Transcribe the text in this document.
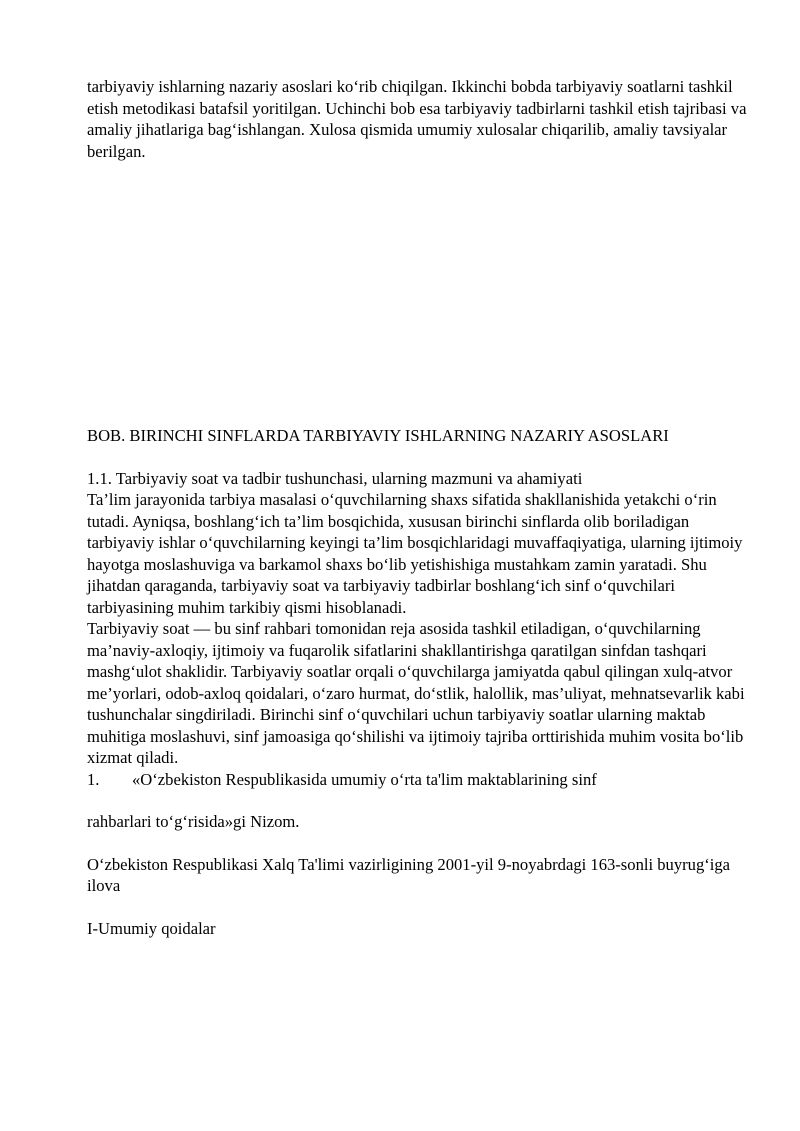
tarbiyaviy ishlarning nazariy asoslari ko‘rib chiqilgan. Ikkinchi bobda tarbiyaviy soatlarni tashkil etish metodikasi batafsil yoritilgan. Uchinchi bob esa tarbiyaviy tadbirlarni tashkil etish tajribasi va amaliy jihatlariga bag‘ishlangan. Xulosa qismida umumiy xulosalar chiqarilib, amaliy tavsiyalar berilgan.

BOB. BIRINCHI SINFLARDA TARBIYAVIY ISHLARNING NAZARIY ASOSLARI

1.1. Tarbiyaviy soat va tadbir tushunchasi, ularning mazmuni va ahamiyati

Ta’lim jarayonida tarbiya masalasi o‘quvchilarning shaxs sifatida shakllanishida yetakchi o‘rin tutadi. Ayniqsa, boshlang‘ich ta’lim bosqichida, xususan birinchi sinflarda olib boriladigan tarbiyaviy ishlar o‘quvchilarning keyingi ta’lim bosqichlaridagi muvaffaqiyatiga, ularning ijtimoiy hayotga moslashuviga va barkamol shaxs bo‘lib yetishishiga mustahkam zamin yaratadi. Shu jihatdan qaraganda, tarbiyaviy soat va tarbiyaviy tadbirlar boshlang‘ich sinf o‘quvchilari tarbiyasining muhim tarkibiy qismi hisoblanadi.

Tarbiyaviy soat — bu sinf rahbari tomonidan reja asosida tashkil etiladigan, o‘quvchilarning ma’naviy-axloqiy, ijtimoiy va fuqarolik sifatlarini shakllantirishga qaratilgan sinfdan tashqari mashg‘ulot shaklidir. Tarbiyaviy soatlar orqali o‘quvchilarga jamiyatda qabul qilingan xulq-atvor me’yorlari, odob-axloq qoidalari, o‘zaro hurmat, do‘stlik, halollik, mas’uliyat, mehnatsevarlik kabi tushunchalar singdiriladi. Birinchi sinf o‘quvchilari uchun tarbiyaviy soatlar ularning maktab muhitiga moslashuvi, sinf jamoasiga qo‘shilishi va ijtimoiy tajriba orttirishida muhim vosita bo‘lib xizmat qiladi.

1.	«O‘zbekiston Respublikasida umumiy o‘rta ta'lim maktablarining sinf

rahbarlari to‘g‘risida»gi Nizom.

O‘zbekiston Respublikasi Xalq Ta'limi vazirligining 2001-yil 9-noyabrdagi 163-sonli buyrug‘iga ilova

I-Umumiy qoidalar
